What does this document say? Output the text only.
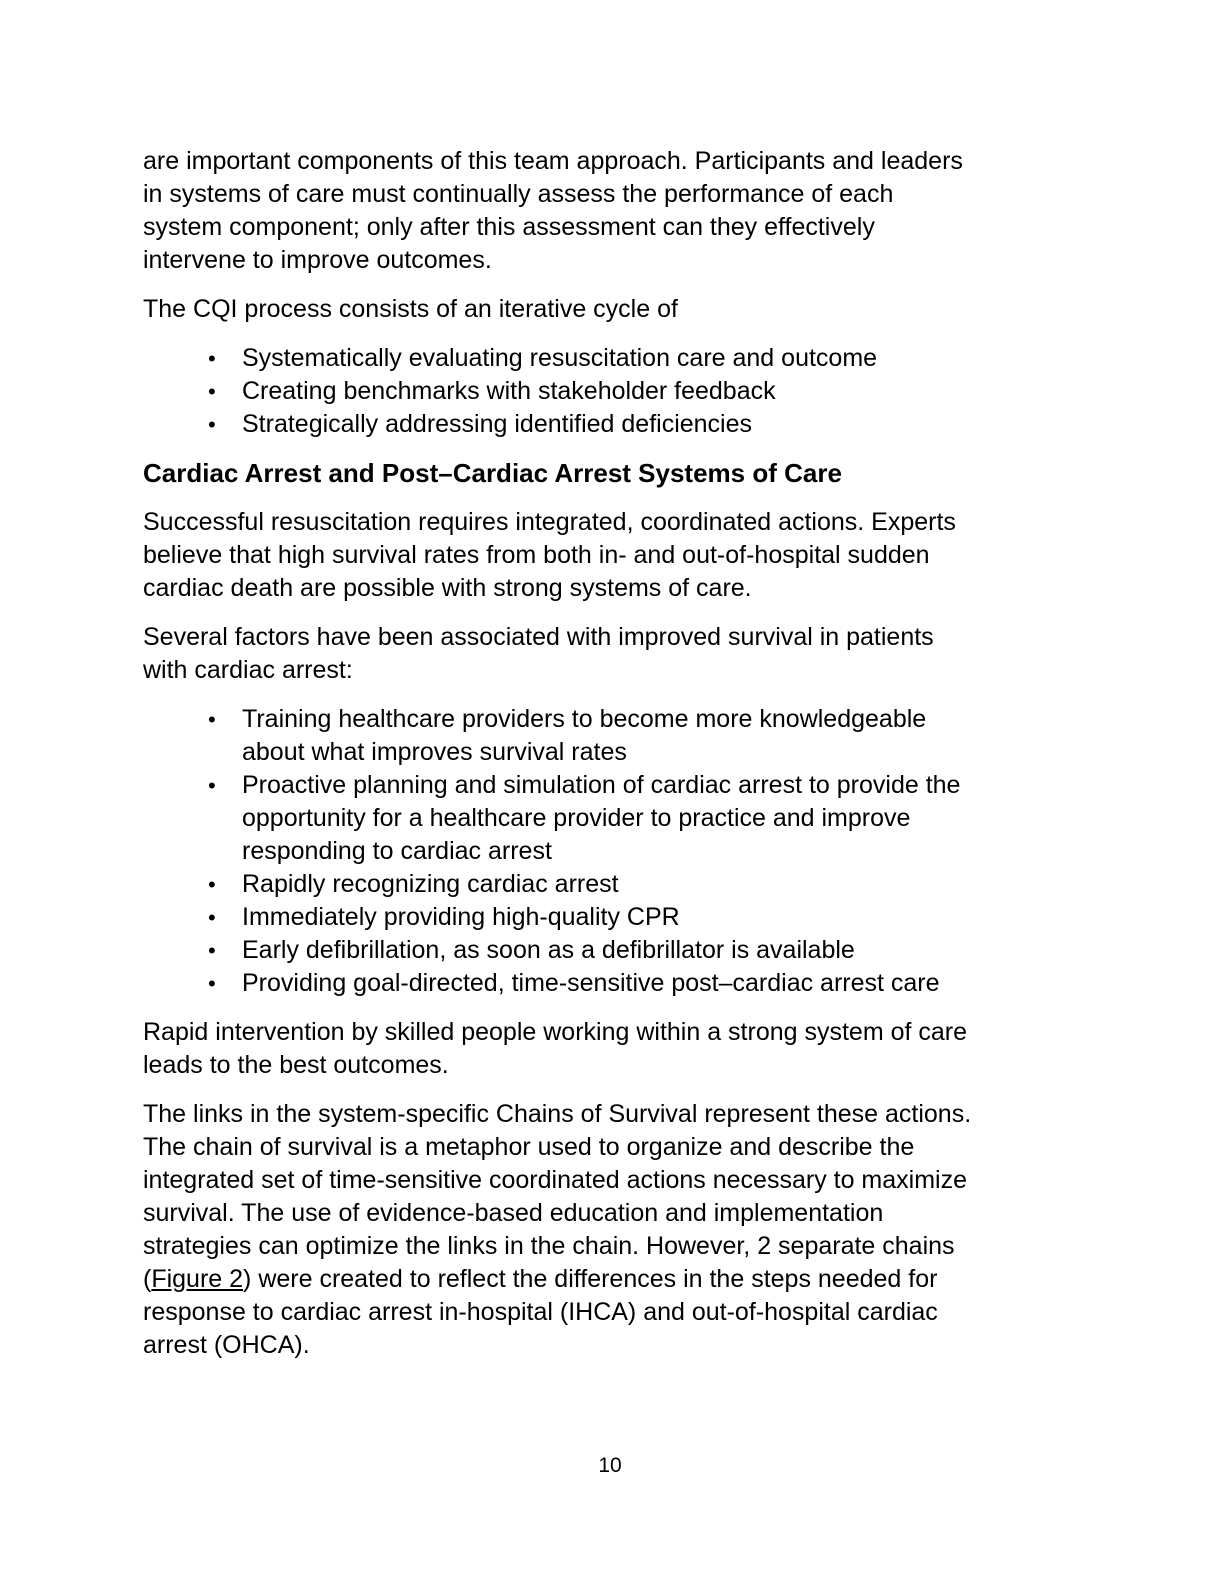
are important components of this team approach. Participants and leaders
in systems of care must continually assess the performance of each
system component; only after this assessment can they effectively
intervene to improve outcomes.
The CQI process consists of an iterative cycle of
• Systematically evaluating resuscitation care and outcome
• Creating benchmarks with stakeholder feedback
• Strategically addressing identified deficiencies
Cardiac Arrest and Post–Cardiac Arrest Systems of Care
Successful resuscitation requires integrated, coordinated actions. Experts
believe that high survival rates from both in- and out-of-hospital sudden
cardiac death are possible with strong systems of care.
Several factors have been associated with improved survival in patients
with cardiac arrest:
• Training healthcare providers to become more knowledgeable
about what improves survival rates
• Proactive planning and simulation of cardiac arrest to provide the
opportunity for a healthcare provider to practice and improve
responding to cardiac arrest
• Rapidly recognizing cardiac arrest
• Immediately providing high-quality CPR
• Early defibrillation, as soon as a defibrillator is available
• Providing goal-directed, time-sensitive post–cardiac arrest care
Rapid intervention by skilled people working within a strong system of care
leads to the best outcomes.
The links in the system-specific Chains of Survival represent these actions.
The chain of survival is a metaphor used to organize and describe the
integrated set of time-sensitive coordinated actions necessary to maximize
survival. The use of evidence-based education and implementation
strategies can optimize the links in the chain. However, 2 separate chains
(Figure 2) were created to reflect the differences in the steps needed for
response to cardiac arrest in-hospital (IHCA) and out-of-hospital cardiac
arrest (OHCA).
10
